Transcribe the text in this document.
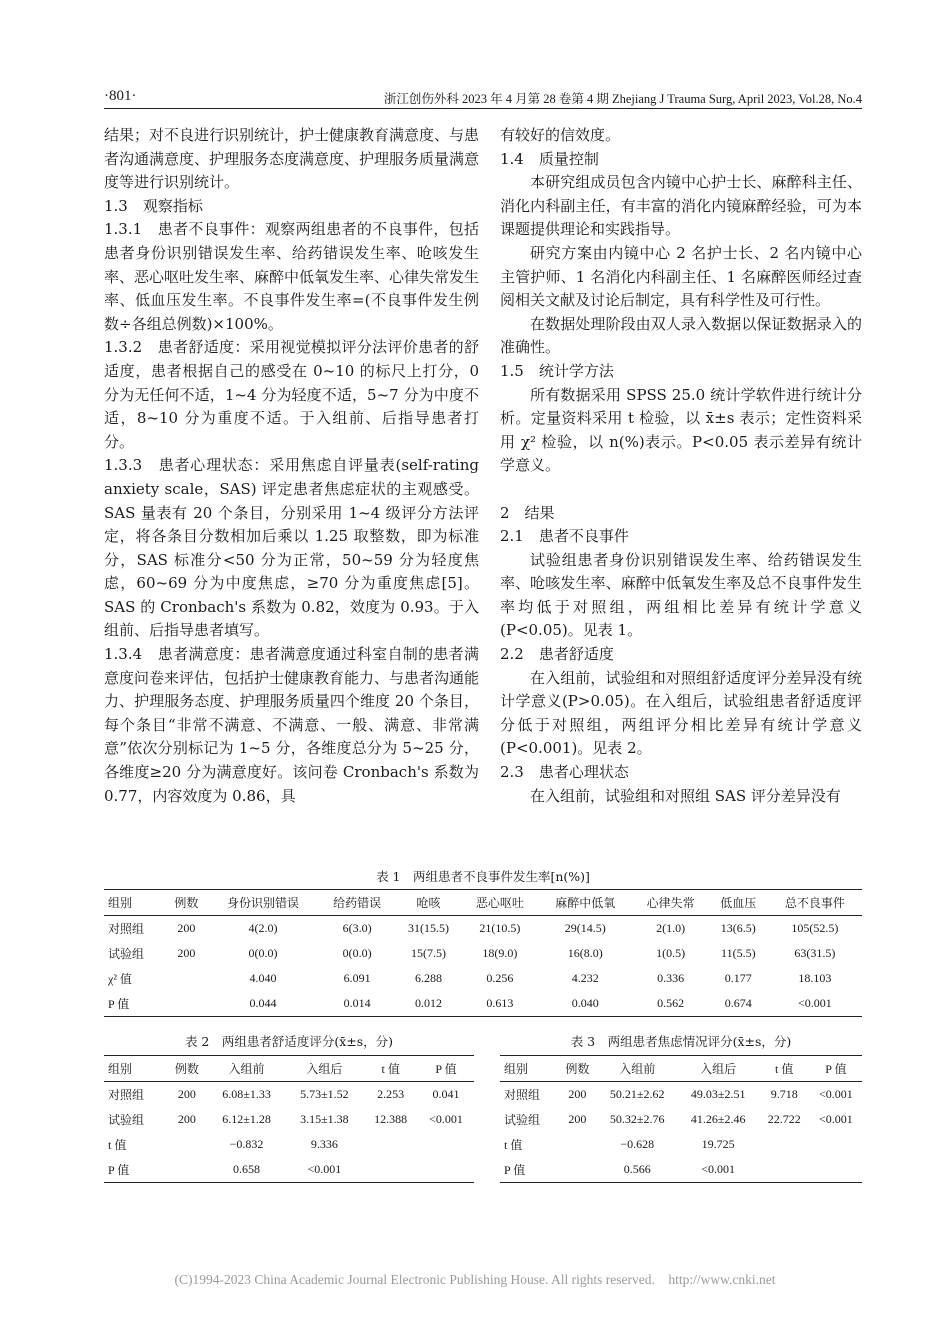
·801·	浙江创伤外科 2023 年 4 月第 28 卷第 4 期 Zhejiang J Trauma Surg, April 2023, Vol.28, No.4

结果；对不良进行识别统计，护士健康教育满意度、与患者沟通满意度、护理服务态度满意度、护理服务质量满意度等进行识别统计。

1.3　观察指标

1.3.1　患者不良事件：观察两组患者的不良事件，包括患者身份识别错误发生率、给药错误发生率、呛咳发生率、恶心呕吐发生率、麻醉中低氧发生率、心律失常发生率、低血压发生率。不良事件发生率=(不良事件发生例数÷各组总例数)×100%。

1.3.2　患者舒适度：采用视觉模拟评分法评价患者的舒适度，患者根据自己的感受在 0~10 的标尺上打分，0 分为无任何不适，1~4 分为轻度不适，5~7 分为中度不适，8~10 分为重度不适。于入组前、后指导患者打分。

1.3.3　患者心理状态：采用焦虑自评量表(self-rating anxiety scale，SAS) 评定患者焦虑症状的主观感受。SAS 量表有 20 个条目，分别采用 1~4 级评分方法评定，将各条目分数相加后乘以 1.25 取整数，即为标准分，SAS 标准分<50 分为正常，50~59 分为轻度焦虑，60~69 分为中度焦虑，≥70 分为重度焦虑[5]。SAS 的 Cronbach's 系数为 0.82，效度为 0.93。于入组前、后指导患者填写。

1.3.4　患者满意度：患者满意度通过科室自制的患者满意度问卷来评估，包括护士健康教育能力、与患者沟通能力、护理服务态度、护理服务质量四个维度 20 个条目，每个条目“非常不满意、不满意、一般、满意、非常满意”依次分别标记为 1~5 分，各维度总分为 5~25 分，各维度≥20 分为满意度好。该问卷 Cronbach's 系数为 0.77，内容效度为 0.86，具

有较好的信效度。

1.4　质量控制

本研究组成员包含内镜中心护士长、麻醉科主任、消化内科副主任，有丰富的消化内镜麻醉经验，可为本课题提供理论和实践指导。

研究方案由内镜中心 2 名护士长、2 名内镜中心主管护师、1 名消化内科副主任、1 名麻醉医师经过查阅相关文献及讨论后制定，具有科学性及可行性。

在数据处理阶段由双人录入数据以保证数据录入的准确性。

1.5　统计学方法

所有数据采用 SPSS 25.0 统计学软件进行统计分析。定量资料采用 t 检验，以 x̄±s 表示；定性资料采用 χ² 检验，以 n(%)表示。P<0.05 表示差异有统计学意义。

2　结果

2.1　患者不良事件

试验组患者身份识别错误发生率、给药错误发生率、呛咳发生率、麻醉中低氧发生率及总不良事件发生率均低于对照组，两组相比差异有统计学意义(P<0.05)。见表 1。

2.2　患者舒适度

在入组前，试验组和对照组舒适度评分差异没有统计学意义(P>0.05)。在入组后，试验组患者舒适度评分低于对照组，两组评分相比差异有统计学意义(P<0.001)。见表 2。

2.3　患者心理状态

在入组前，试验组和对照组 SAS 评分差异没有

表 1　两组患者不良事件发生率[n(%)]
组别	例数	身份识别错误	给药错误	呛咳	恶心呕吐	麻醉中低氧	心律失常	低血压	总不良事件
对照组	200	4(2.0)	6(3.0)	31(15.5)	21(10.5)	29(14.5)	2(1.0)	13(6.5)	105(52.5)
试验组	200	0(0.0)	0(0.0)	15(7.5)	18(9.0)	16(8.0)	1(0.5)	11(5.5)	63(31.5)
χ² 值		4.040	6.091	6.288	0.256	4.232	0.336	0.177	18.103
P 值		0.044	0.014	0.012	0.613	0.040	0.562	0.674	<0.001
表 2　两组患者舒适度评分(x̄±s，分)
组别	例数	入组前	入组后	t 值	P 值
对照组	200	6.08±1.33	5.73±1.52	2.253	0.041
试验组	200	6.12±1.28	3.15±1.38	12.388	<0.001
t 值		−0.832	9.336		
P 值		0.658	<0.001		
表 3　两组患者焦虑情况评分(x̄±s，分)
组别	例数	入组前	入组后	t 值	P 值
对照组	200	50.21±2.62	49.03±2.51	9.718	<0.001
试验组	200	50.32±2.76	41.26±2.46	22.722	<0.001
t 值		−0.628	19.725		
P 值		0.566	<0.001		
(C)1994-2023 China Academic Journal Electronic Publishing House. All rights reserved.    http://www.cnki.net
